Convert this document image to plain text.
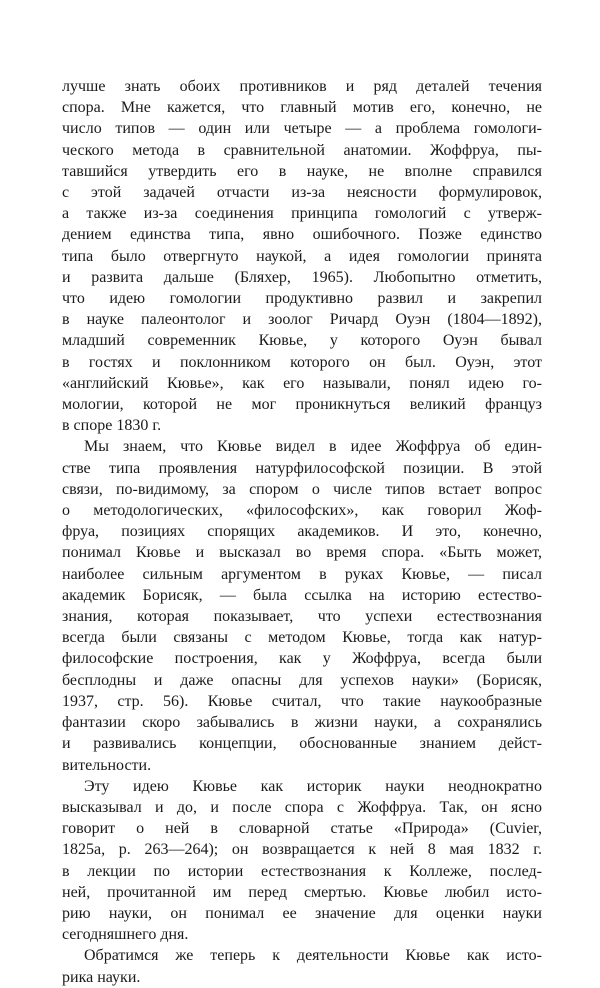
лучше знать обоих противников и ряд деталей течения
спора. Мне кажется, что главный мотив его, конечно, не
число типов — один или четыре — а проблема гомологи-
ческого метода в сравнительной анатомии. Жоффруа, пы-
тавшийся утвердить его в науке, не вполне справился
с этой задачей отчасти из-за неясности формулировок,
а также из-за соединения принципа гомологий с утверж-
дением единства типа, явно ошибочного. Позже единство
типа было отвергнуто наукой, а идея гомологии принята
и развита дальше (Бляхер, 1965). Любопытно отметить,
что идею гомологии продуктивно развил и закрепил
в науке палеонтолог и зоолог Ричард Оуэн (1804—1892),
младший современник Кювье, у которого Оуэн бывал
в гостях и поклонником которого он был. Оуэн, этот
«английский Кювье», как его называли, понял идею го-
мологии, которой не мог проникнуться великий француз
в споре 1830 г.

Мы знаем, что Кювье видел в идее Жоффруа об един-
стве типа проявления натурфилософской позиции. В этой
связи, по-видимому, за спором о числе типов встает вопрос
о методологических, «философских», как говорил Жоф-
фруа, позициях спорящих академиков. И это, конечно,
понимал Кювье и высказал во время спора. «Быть может,
наиболее сильным аргументом в руках Кювье, — писал
академик Борисяк, — была ссылка на историю естество-
знания, которая показывает, что успехи естествознания
всегда были связаны с методом Кювье, тогда как натур-
философские построения, как у Жоффруа, всегда были
бесплодны и даже опасны для успехов науки» (Борисяк,
1937, стр. 56). Кювье считал, что такие наукообразные
фантазии скоро забывались в жизни науки, а сохранялись
и развивались концепции, обоснованные знанием дейст-
вительности.

Эту идею Кювье как историк науки неоднократно
высказывал и до, и после спора с Жоффруа. Так, он ясно
говорит о ней в словарной статье «Природа» (Cuvier,
1825a, p. 263—264); он возвращается к ней 8 мая 1832 г.
в лекции по истории естествознания к Коллеже, послед-
ней, прочитанной им перед смертью. Кювье любил исто-
рию науки, он понимал ее значение для оценки науки
сегодняшнего дня.

Обратимся же теперь к деятельности Кювье как исто-
рика науки.
